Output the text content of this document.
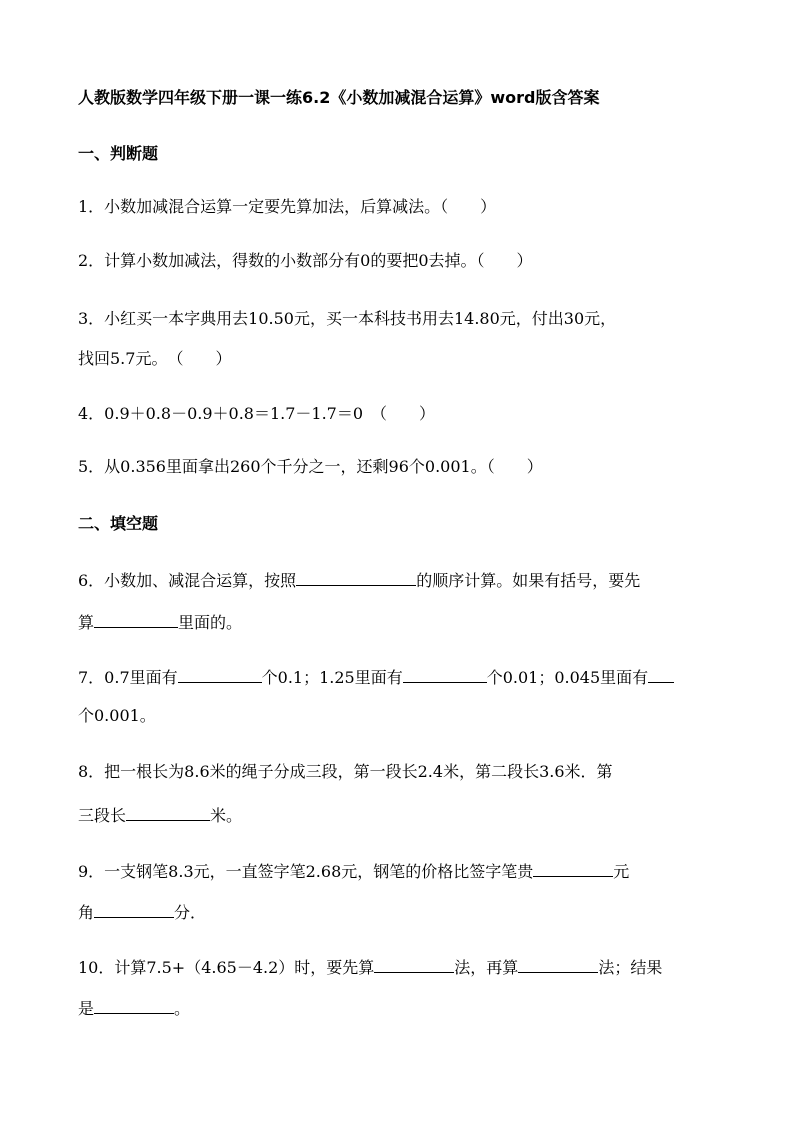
人教版数学四年级下册一课一练6.2《小数加减混合运算》word版含答案
一、判断题
1．小数加减混合运算一定要先算加法，后算减法。（　　）
2．计算小数加减法，得数的小数部分有0的要把0去掉。（　　）
3．小红买一本字典用去10.50元，买一本科技书用去14.80元，付出30元，
找回5.7元。　（　　）
4．0.9＋0.8－0.9＋0.8＝1.7－1.7＝0　（　　）
5．从0.356里面拿出260个千分之一，还剩96个0.001。（　　）
二、填空题
6．小数加、减混合运算，按照	的顺序计算。如果有括号，要先
算	里面的。
7．0.7里面有	个0.1；1.25里面有	个0.01；0.045里面有
个0.001。
8．把一根长为8.6米的绳子分成三段，第一段长2.4米，第二段长3.6米．第
三段长	米。
9．一支钢笔8.3元，一直签字笔2.68元，钢笔的价格比签字笔贵	元
角	分．
10．计算7.5+（4.65－4.2）时，要先算	法，再算	法；结果
是	。
